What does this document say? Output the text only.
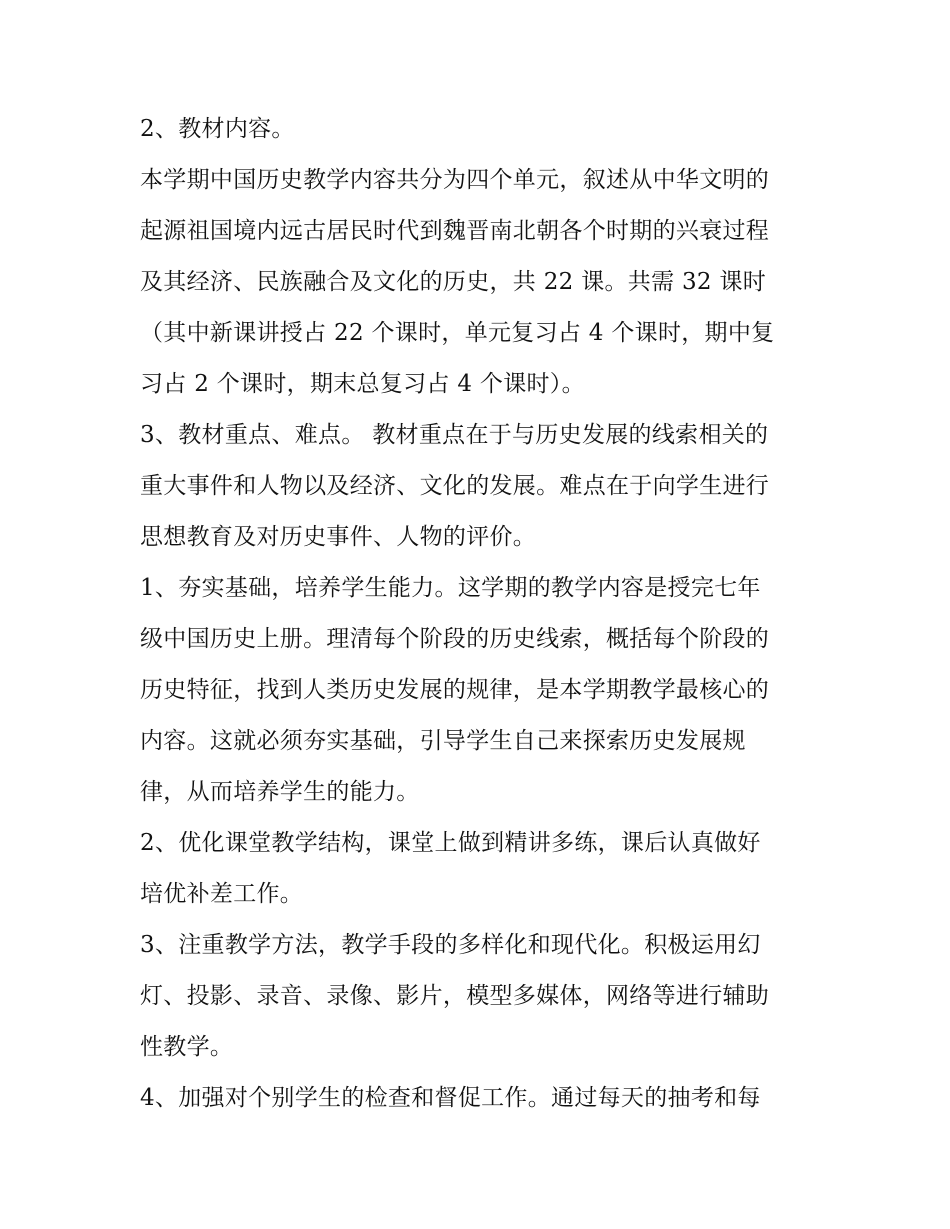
2、教材内容。
本学期中国历史教学内容共分为四个单元，叙述从中华文明的
起源祖国境内远古居民时代到魏晋南北朝各个时期的兴衰过程
及其经济、民族融合及文化的历史，共 22 课。共需 32 课时
（其中新课讲授占 22 个课时，单元复习占 4 个课时，期中复
习占 2 个课时，期末总复习占 4 个课时）。
3、教材重点、难点。 教材重点在于与历史发展的线索相关的
重大事件和人物以及经济、文化的发展。难点在于向学生进行
思想教育及对历史事件、人物的评价。
1、夯实基础，培养学生能力。这学期的教学内容是授完七年
级中国历史上册。理清每个阶段的历史线索，概括每个阶段的
历史特征，找到人类历史发展的规律，是本学期教学最核心的
内容。这就必须夯实基础，引导学生自己来探索历史发展规
律，从而培养学生的能力。
2、优化课堂教学结构，课堂上做到精讲多练，课后认真做好
培优补差工作。
3、注重教学方法，教学手段的多样化和现代化。积极运用幻
灯、投影、录音、录像、影片，模型多媒体，网络等进行辅助
性教学。
4、加强对个别学生的检查和督促工作。通过每天的抽考和每
